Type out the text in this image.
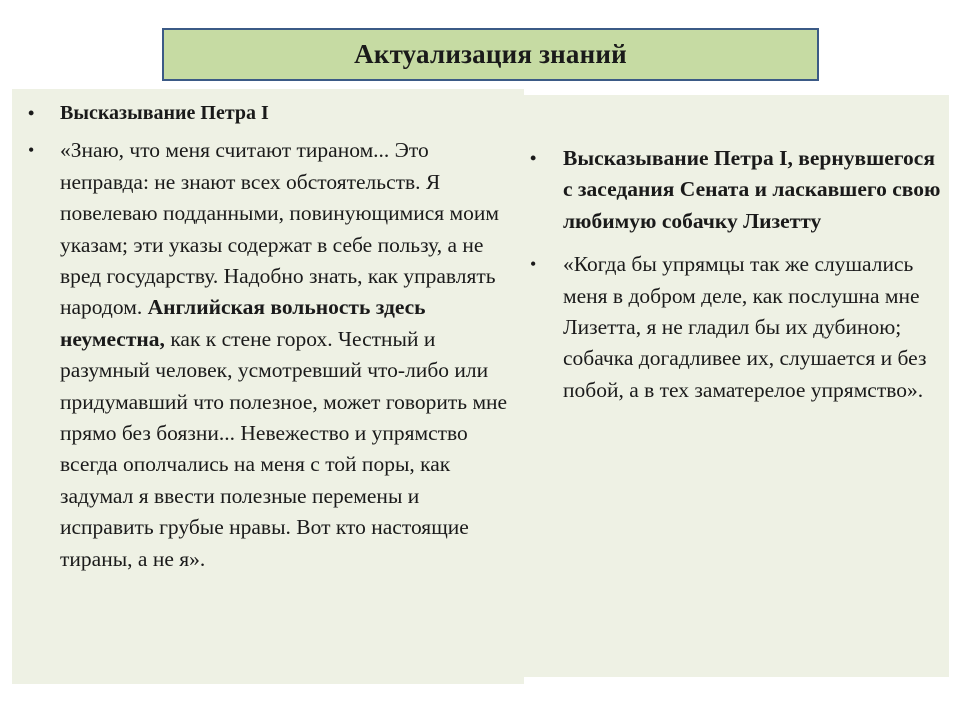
Актуализация знаний
• Высказывание Петра I
• «Знаю, что меня считают тираном... Это неправда: не знают всех обстоятельств. Я повелеваю подданными, повинующимися моим указам; эти указы содержат в себе пользу, а не вред государству. Надобно знать, как управлять народом. Английская вольность здесь неуместна, как к стене горох. Честный и разумный человек, усмотревший что-либо или придумавший что полезное, может говорить мне прямо без боязни... Невежество и упрямство всегда ополчались на меня с той поры, как задумал я ввести полезные перемены и исправить грубые нравы. Вот кто настоящие тираны, а не я».
• Высказывание Петра I, вернувшегося с заседания Сената и ласкавшего свою любимую собачку Лизетту
• «Когда бы упрямцы так же слушались меня в добром деле, как послушна мне Лизетта, я не гладил бы их дубиною; собачка догадливее их, слушается и без побой, а в тех заматерелое упрямство».
